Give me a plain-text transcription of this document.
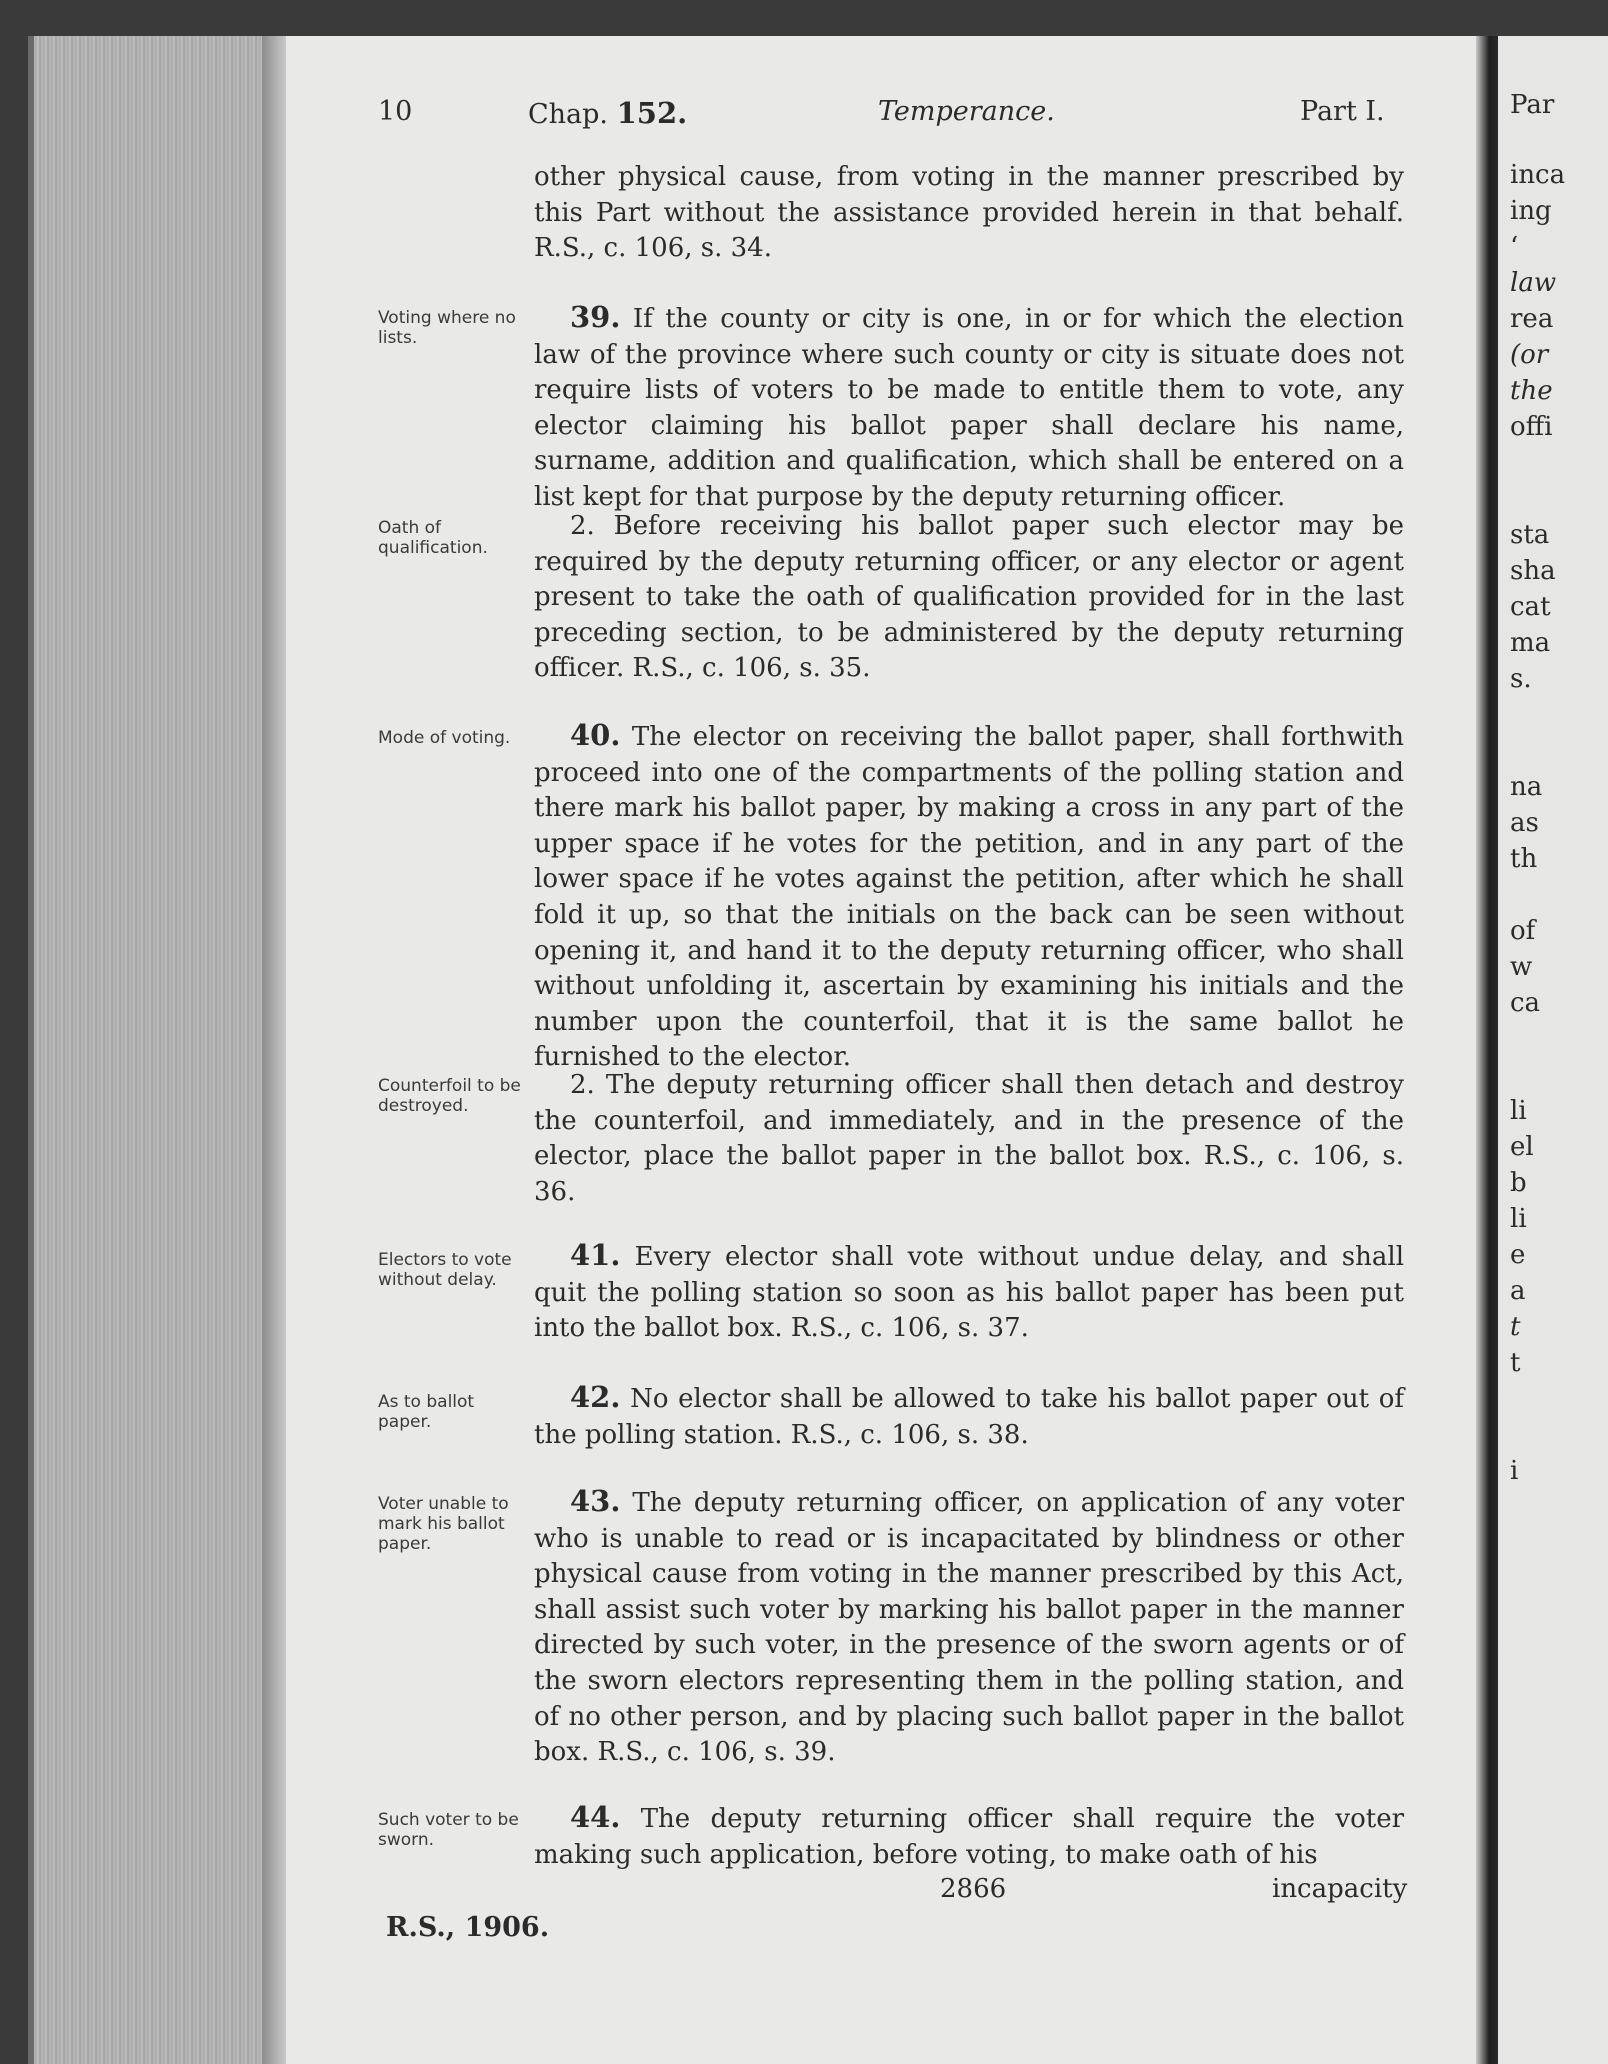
10	Chap. 152.	Temperance.	Part I.

other physical cause, from voting in the manner prescribed by this Part without the assistance provided herein in that behalf. R.S., c. 106, s. 34.

Voting where no lists.

39. If the county or city is one, in or for which the election law of the province where such county or city is situate does not require lists of voters to be made to entitle them to vote, any elector claiming his ballot paper shall declare his name, surname, addition and qualification, which shall be entered on a list kept for that purpose by the deputy returning officer.

Oath of qualification.

2. Before receiving his ballot paper such elector may be required by the deputy returning officer, or any elector or agent present to take the oath of qualification provided for in the last preceding section, to be administered by the deputy returning officer. R.S., c. 106, s. 35.

Mode of voting.	40. The elector on receiving the ballot paper, shall forthwith proceed into one of the compartments of the polling station and there mark his ballot paper, by making a cross in any part of the upper space if he votes for the petition, and in any part of the lower space if he votes against the petition, after which he shall fold it up, so that the initials on the back can be seen without opening it, and hand it to the deputy returning officer, who shall without unfolding it, ascertain by examining his initials and the number upon the counterfoil, that it is the same ballot he furnished to the elector.

Counterfoil to be destroyed.

2. The deputy returning officer shall then detach and destroy the counterfoil, and immediately, and in the presence of the elector, place the ballot paper in the ballot box. R.S., c. 106, s. 36.

Electors to vote without delay.

41. Every elector shall vote without undue delay, and shall quit the polling station so soon as his ballot paper has been put into the ballot box. R.S., c. 106, s. 37.

As to ballot paper.

42. No elector shall be allowed to take his ballot paper out of the polling station. R.S., c. 106, s. 38.

Voter unable to mark his ballot paper.

43. The deputy returning officer, on application of any voter who is unable to read or is incapacitated by blindness or other physical cause from voting in the manner prescribed by this Act, shall assist such voter by marking his ballot paper in the manner directed by such voter, in the presence of the sworn agents or of the sworn electors representing them in the polling station, and of no other person, and by placing such ballot paper in the ballot box. R.S., c. 106, s. 39.

Such voter to be sworn.

44. The deputy returning officer shall require the voter making such application, before voting, to make oath of his

2866	incapacity
R.S., 1906.
Par
inca
ing
‘
law
rea
(or
the
offi
sta
sha
cat
ma
s.
na
as
th
of
w
ca
li
el
b
li
e
a
t
t
i
